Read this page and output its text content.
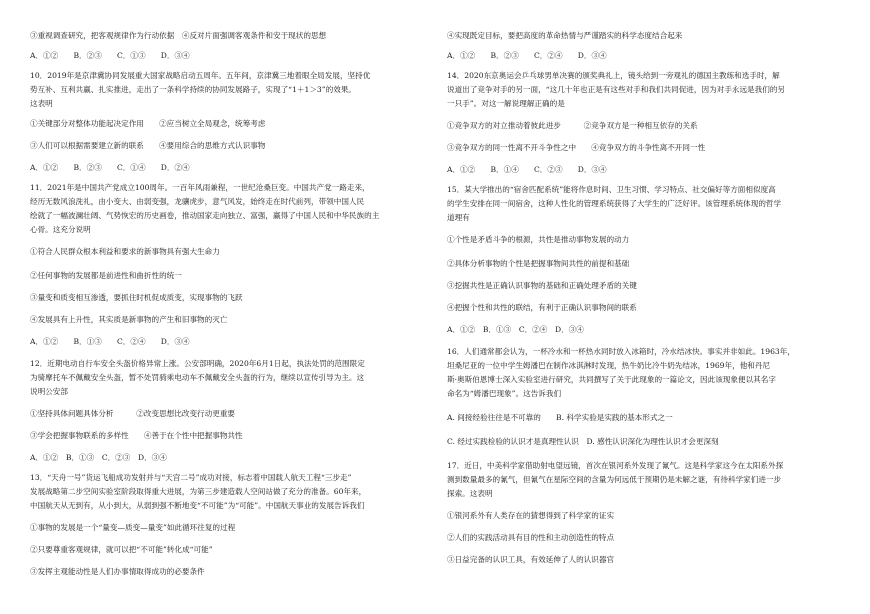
③重视调查研究，把客观规律作为行动依据　④反对片面强调客观条件和安于现状的思想
A．①②　　B．②③　　C．①③　　D．③④
10．2019年是京津冀协同发展重大国家战略启动五周年。五年间，京津冀三地着眼全局发展，坚持优
势互补、互利共赢、扎实推进，走出了一条科学持续的协同发展路子，实现了“1＋1＞3”的效果。
这表明
①关键部分对整体功能起决定作用　　②应当树立全局观念，统筹考虑
③人们可以根据需要建立新的联系　　④要用综合的思维方式认识事物
A．①②　　B．②③　　C．①④　　D．②④
11．2021年是中国共产党成立100周年。一百年风雨兼程，一世纪沧桑巨变。中国共产党一路走来，
经历无数风浪洗礼，由小变大、由弱变强，龙骧虎步，意气风发，始终走在时代前列，带领中国人民
绘就了一幅波澜壮阔、气势恢宏的历史画卷，推动国家走向独立、富强，赢得了中国人民和中华民族的主
心骨。这充分说明
①符合人民群众根本利益和要求的新事物具有强大生命力
②任何事物的发展都是前进性和曲折性的统一
③量变和质变相互渗透，要抓住时机促成质变，实现事物的飞跃
④发展具有上升性，其实质是新事物的产生和旧事物的灭亡
A．①②　　B．①③　　C．②④　　D．③④
12．近期电动自行车安全头盔价格异常上涨。公安部明确，2020年6月1日起，执法处罚的范围限定
为骑摩托车不佩戴安全头盔，暂不处罚骑乘电动车不佩戴安全头盔的行为，继续以宣传引导为主。这
说明公安部
①坚持具体问题具体分析　　　②改变思想比改变行动更重要
③学会把握事物联系的多样性　　④善于在个性中把握事物共性
A．①②　B．①③　C．②③　D．③④
13．“天舟一号”货运飞船成功发射并与“天宫二号”成功对接，标志着中国载人航天工程“三步走”
发展战略第二步空间实验室阶段取得重大进展，为第三步建造载人空间站做了充分的准备。60年来，
中国航天从无到有，从小到大，从弱到强不断地变“不可能”为“可能”。中国航天事业的发展告诉我们
①事物的发展是一个“量变—质变—量变”如此循环往复的过程
②只要尊重客观规律，就可以把“不可能”转化成“可能”
③发挥主观能动性是人们办事情取得成功的必要条件
④实现既定目标，要把高度的革命热情与严谨踏实的科学态度结合起来
A．①②　　B．②③　　C．②④　　D．③④
14．2020东京奥运会乒乓球男单决赛的颁奖典礼上，镜头给到一旁观礼的德国主教练和选手时，解
说道出了竞争对手的另一面，“这几十年也正是有这些对手和我们共同促进，因为对手永远是我们的另
一只手”。对这一解说理解正确的是
①竞争双方的对立推动着彼此进步　　　②竞争双方是一种相互依存的关系
③竞争双方的同一性离不开斗争性之中　　④竞争双方的斗争性离不开同一性
A．①②　　B．①④　　C．②③　　D．③④
15．某大学推出的“宿舍匹配系统”能将作息时间、卫生习惯、学习特点、社交偏好等方面相似度高
的学生安排在同一间宿舍，这种人性化的管理系统获得了大学生的广泛好评。该管理系统体现的哲学
道理有
①个性是矛盾斗争的根源，共性是推动事物发展的动力
②具体分析事物的个性是把握事物间共性的前提和基础
③挖掘共性是正确认识事物的基础和正确处理矛盾的关键
④把握个性和共性的联结，有利于正确认识事物间的联系
A．①②　B．①③　C．②④　D．③④
16．人们通常都会认为，一杯冷水和一杯热水同时放入冰箱时，冷水结冰快。事实并非如此。1963年，
坦桑尼亚的一位中学生姆潘巴在制作冰淇淋时发现，热牛奶比冷牛奶先结冰，1969年，他和丹尼
斯·奥斯伯恩博士深入实验室进行研究，共同撰写了关于此现象的一篇论文，因此该现象便以其名字
命名为“姆潘巴现象”。这告诉我们
A. 间接经验往往是不可靠的　　B. 科学实验是实践的基本形式之一
C. 经过实践检验的认识才是真理性认识　D. 感性认识深化为理性认识才会更深刻
17．近日，中美科学家借助射电望远镜，首次在银河系外发现了氰气。这是科学家这今在太阳系外探
测到数量最多的氰气，但氰气在星际空间的含量为何远低于预期仍是未解之谜，有待科学家们进一步
探索。这表明
①银河系外有人类存在的猜想得到了科学家的证实
②人们的实践活动具有目的性和主动创造性的特点
③日益完备的认识工具，有效延伸了人的认识器官
